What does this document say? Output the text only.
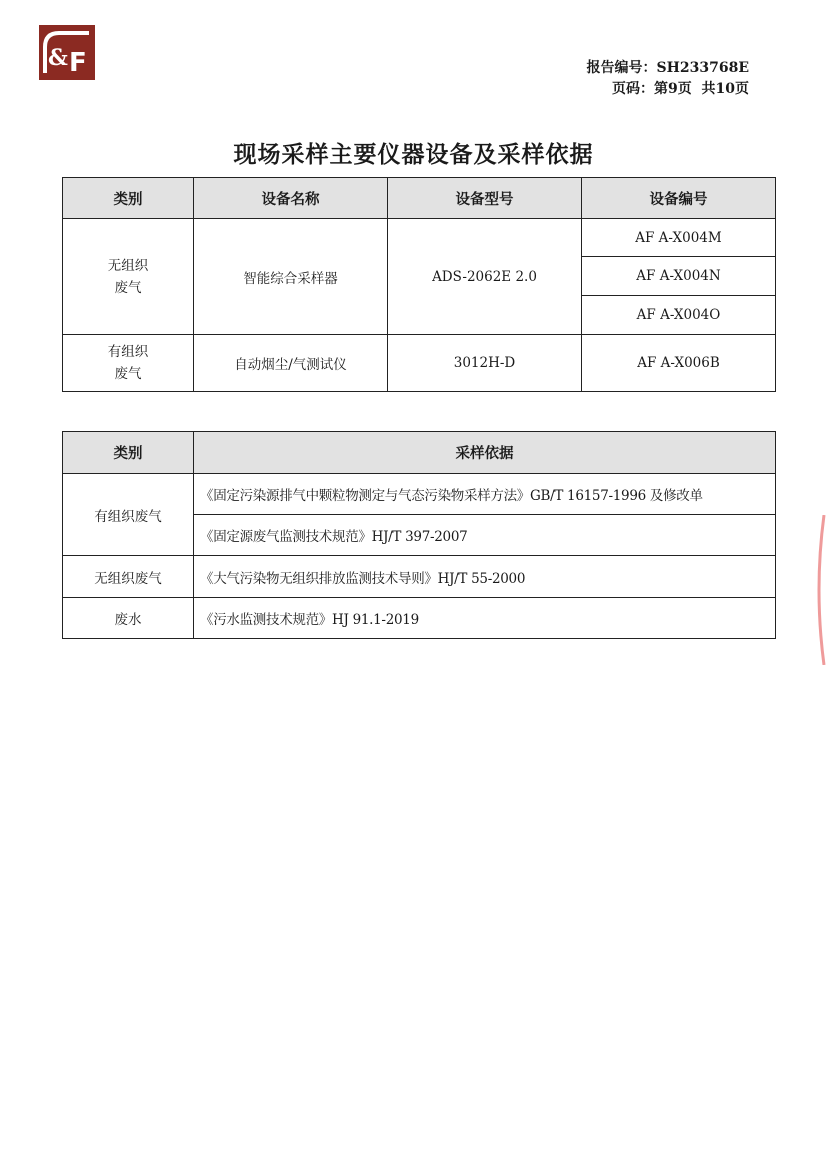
& F	报告编号：SH233768E
页码：第9页 共10页
现场采样主要仪器设备及采样依据
类别	设备名称	设备型号	设备编号

无组织
废气	智能综合采样器	ADS-2062E 2.0	AF A-X004M
			AF A-X004N
			AF A-X004O

有组织
废气	自动烟尘/气测试仪	3012H-D	AF A-X006B
类别	采样依据
有组织废气	《固定污染源排气中颗粒物测定与气态污染物采样方法》GB/T 16157-1996 及修改单
	《固定源废气监测技术规范》HJ/T 397-2007
无组织废气	《大气污染物无组织排放监测技术导则》HJ/T 55-2000
废水	《污水监测技术规范》HJ 91.1-2019
